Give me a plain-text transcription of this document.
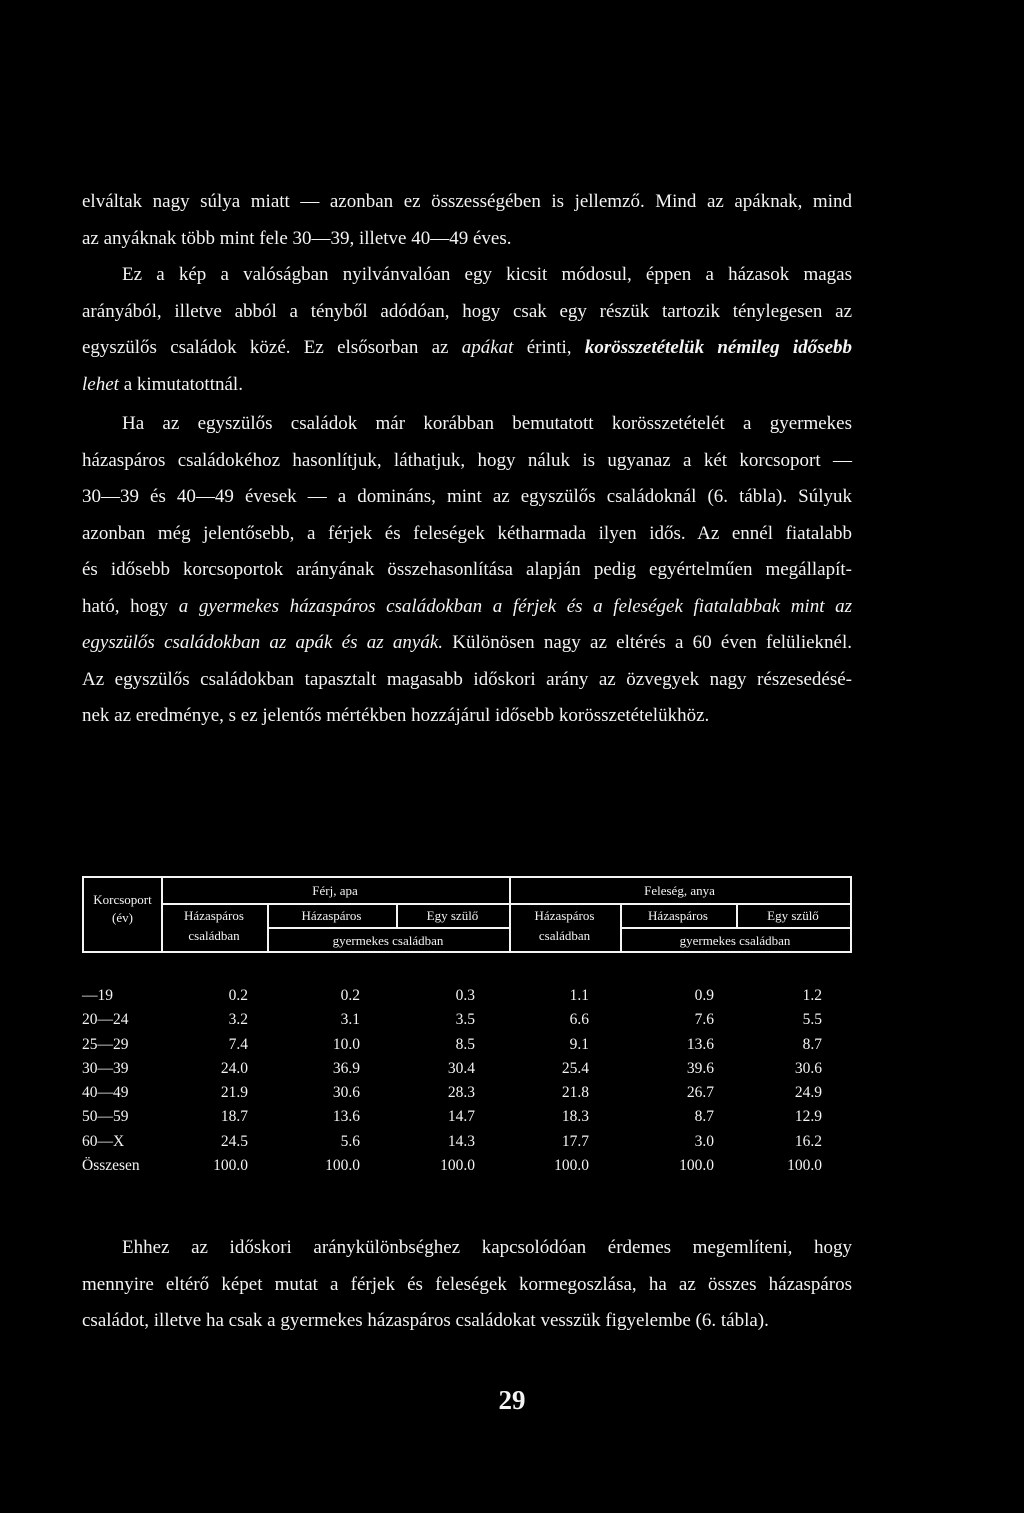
elváltak nagy súlya miatt — azonban ez összességében is jellemző. Mind az apáknak, mind
az anyáknak több mint fele 30—39, illetve 40—49 éves.
Ez a kép a valóságban nyilvánvalóan egy kicsit módosul, éppen a házasok magas
arányából, illetve abból a tényből adódóan, hogy csak egy részük tartozik ténylegesen az
egyszülős családok közé. Ez elsősorban az apákat érinti, korösszetételük némileg idősebb
lehet a kimutatottnál.
Ha az egyszülős családok már korábban bemutatott korösszetételét a gyermekes
házaspáros családokéhoz hasonlítjuk, láthatjuk, hogy náluk is ugyanaz a két korcsoport —
30—39 és 40—49 évesek — a domináns, mint az egyszülős családoknál (6. tábla). Súlyuk
azonban még jelentősebb, a férjek és feleségek kétharmada ilyen idős. Az ennél fiatalabb
és idősebb korcsoportok arányának összehasonlítása alapján pedig egyértelműen megállapít-
ható, hogy a gyermekes házaspáros családokban a férjek és a feleségek fiatalabbak mint az
egyszülős családokban az apák és az anyák. Különösen nagy az eltérés a 60 éven felülieknél.
Az egyszülős családokban tapasztalt magasabb időskori arány az özvegyek nagy részesedésé-
nek az eredménye, s ez jelentős mértékben hozzájárul idősebb korösszetételükhöz.
Korcsoport
(év)
Férj, apa	Feleség, anya
Házaspáros
családban
Házaspáros	Egy szülő
gyermekes családban
Házaspáros
családban
Házaspáros	Egy szülő
gyermekes családban
—19	0.2	0.2	0.3	1.1	0.9	1.2
20—24	3.2	3.1	3.5	6.6	7.6	5.5
25—29	7.4	10.0	8.5	9.1	13.6	8.7
30—39	24.0	36.9	30.4	25.4	39.6	30.6
40—49	21.9	30.6	28.3	21.8	26.7	24.9
50—59	18.7	13.6	14.7	18.3	8.7	12.9
60—X	24.5	5.6	14.3	17.7	3.0	16.2
Összesen	100.0	100.0	100.0	100.0	100.0	100.0
Ehhez az időskori aránykülönbséghez kapcsolódóan érdemes megemlíteni, hogy
mennyire eltérő képet mutat a férjek és feleségek kormegoszlása, ha az összes házaspáros
családot, illetve ha csak a gyermekes házaspáros családokat vesszük figyelembe (6. tábla).
29
